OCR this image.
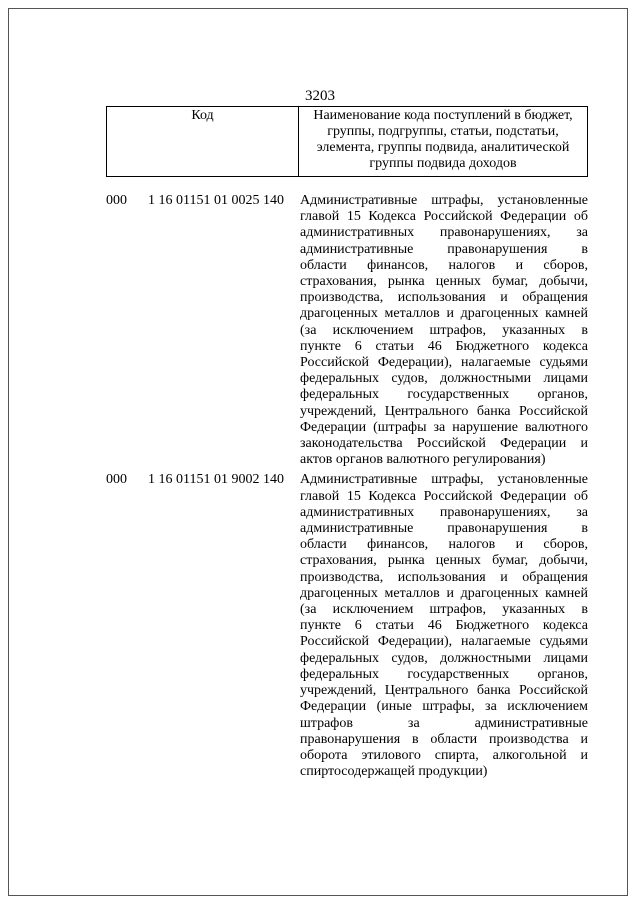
3203
Код	Наименование кода поступлений в бюджет, группы, подгруппы, статьи, подстатьи, элемента, группы подвида, аналитической группы подвида доходов
000	1 16 01151 01 0025 140	Административные штрафы, установленные
главой 15 Кодекса Российской Федерации об
административных правонарушениях, за
административные правонарушения в
области финансов, налогов и сборов,
страхования, рынка ценных бумаг, добычи,
производства, использования и обращения
драгоценных металлов и драгоценных камней
(за исключением штрафов, указанных в
пункте 6 статьи 46 Бюджетного кодекса
Российской Федерации), налагаемые судьями
федеральных судов, должностными лицами
федеральных государственных органов,
учреждений, Центрального банка Российской
Федерации (штрафы за нарушение валютного
законодательства Российской Федерации и
актов органов валютного регулирования)
000	1 16 01151 01 9002 140	Административные штрафы, установленные
главой 15 Кодекса Российской Федерации об
административных правонарушениях, за
административные правонарушения в
области финансов, налогов и сборов,
страхования, рынка ценных бумаг, добычи,
производства, использования и обращения
драгоценных металлов и драгоценных камней
(за исключением штрафов, указанных в
пункте 6 статьи 46 Бюджетного кодекса
Российской Федерации), налагаемые судьями
федеральных судов, должностными лицами
федеральных государственных органов,
учреждений, Центрального банка Российской
Федерации (иные штрафы, за исключением
штрафов за административные
правонарушения в области производства и
оборота этилового спирта, алкогольной и
спиртосодержащей продукции)
